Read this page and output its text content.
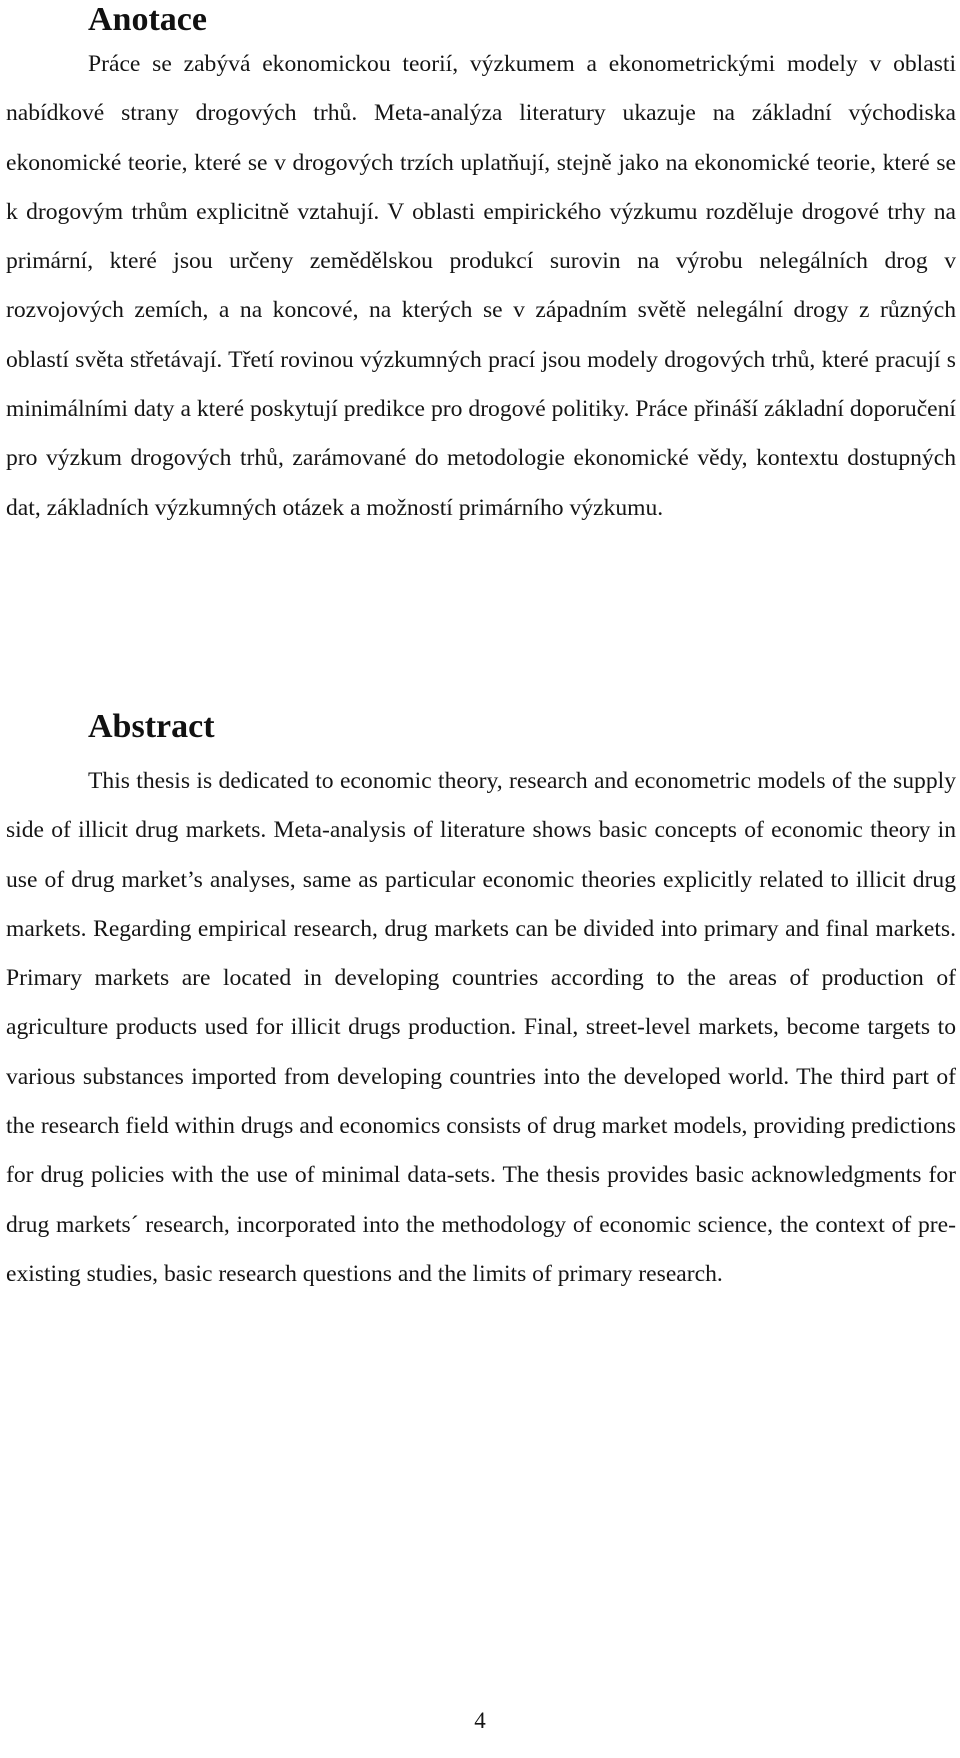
Anotace

Práce se zabývá ekonomickou teorií, výzkumem a ekonometrickými modely v oblasti nabídkové strany drogových trhů. Meta-analýza literatury ukazuje na základní východiska ekonomické teorie, které se v drogových trzích uplatňují, stejně jako na ekonomické teorie, které se k drogovým trhům explicitně vztahují. V oblasti empirického výzkumu rozděluje drogové trhy na primární, které jsou určeny zemědělskou produkcí surovin na výrobu nelegálních drog v rozvojových zemích, a na koncové, na kterých se v západním světě nelegální drogy z různých oblastí světa střetávají. Třetí rovinou výzkumných prací jsou modely drogových trhů, které pracují s minimálními daty a které poskytují predikce pro drogové politiky. Práce přináší základní doporučení pro výzkum drogových trhů, zarámované do metodologie ekonomické vědy, kontextu dostupných dat, základních výzkumných otázek a možností primárního výzkumu.

Abstract

This thesis is dedicated to economic theory, research and econometric models of the supply side of illicit drug markets. Meta-analysis of literature shows basic concepts of economic theory in use of drug market’s analyses, same as particular economic theories explicitly related to illicit drug markets. Regarding empirical research, drug markets can be divided into primary and final markets. Primary markets are located in developing countries according to the areas of production of agriculture products used for illicit drugs production. Final, street-level markets, become targets to various substances imported from developing countries into the developed world. The third part of the research field within drugs and economics consists of drug market models, providing predictions for drug policies with the use of minimal data-sets. The thesis provides basic acknowledgments for drug markets´ research, incorporated into the methodology of economic science, the context of pre-existing studies, basic research questions and the limits of primary research.

4
